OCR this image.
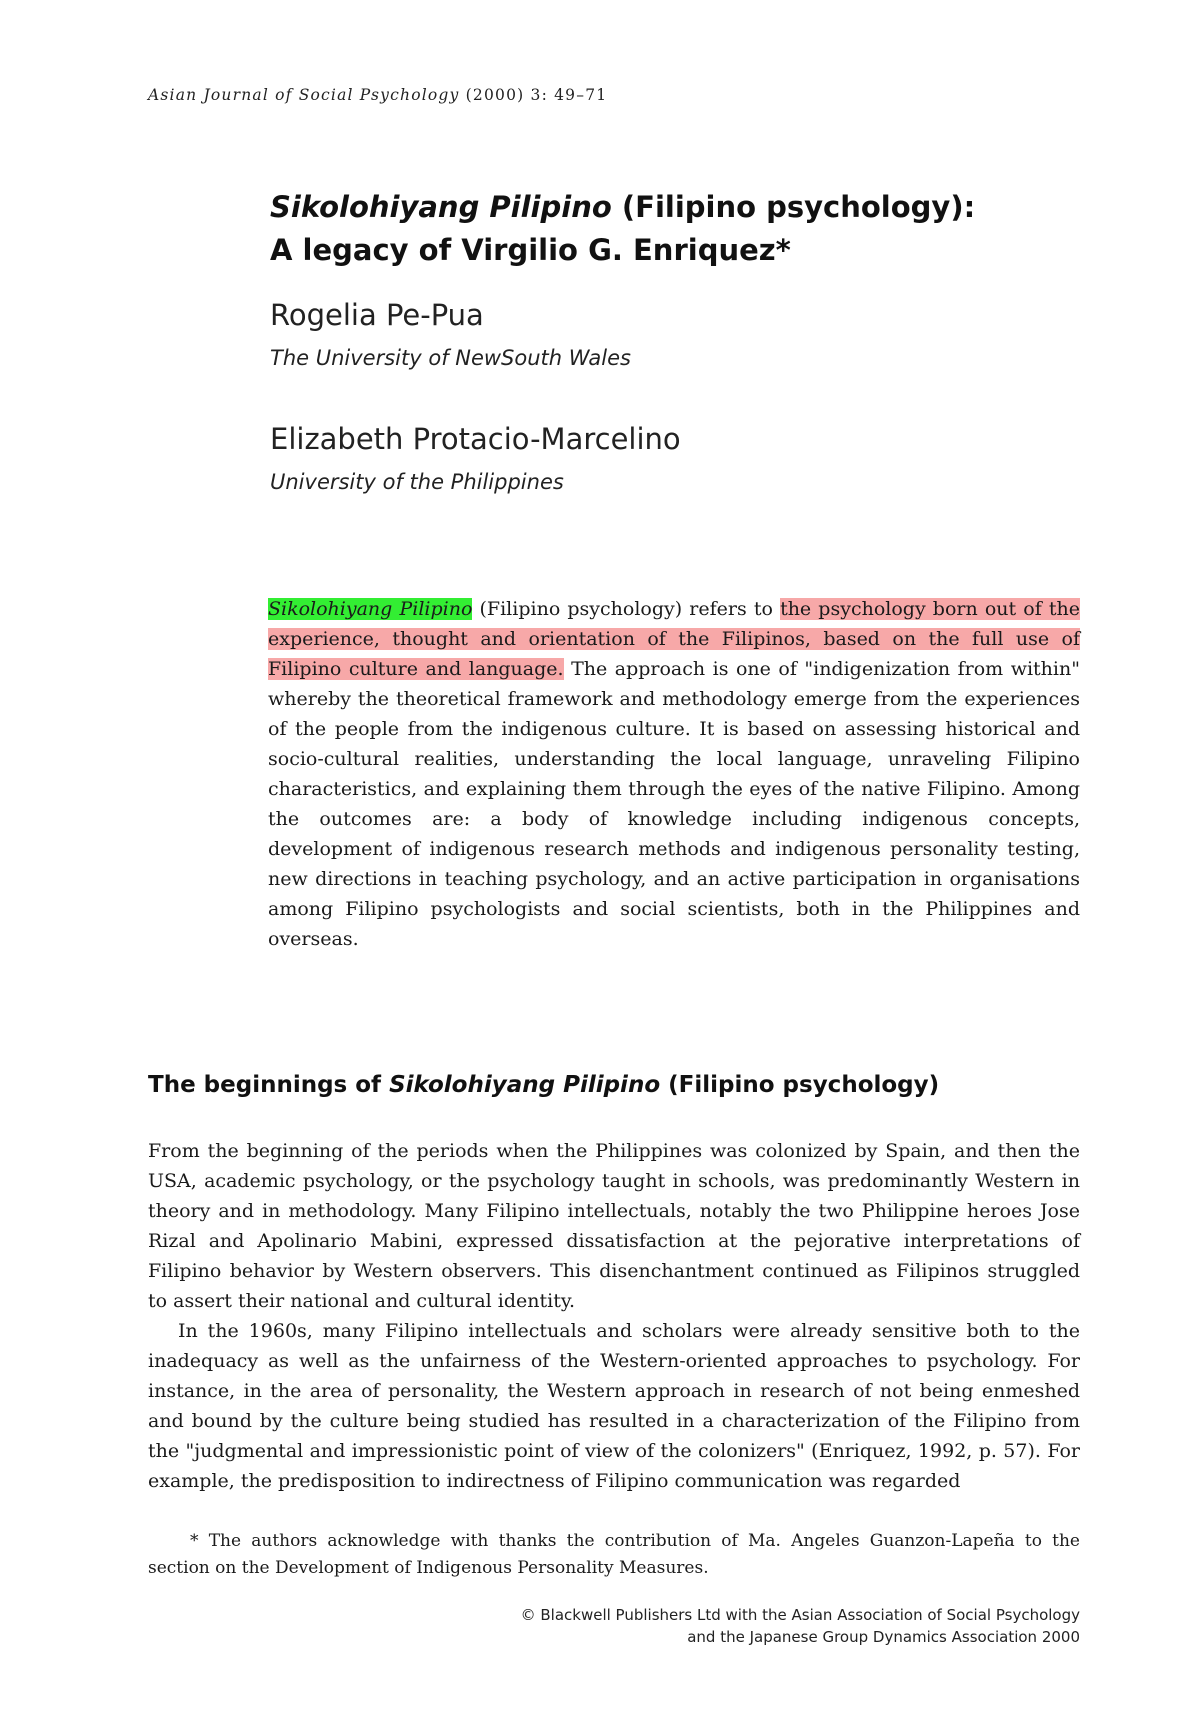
Asian Journal of Social Psychology (2000) 3: 49–71
Sikolohiyang Pilipino (Filipino psychology):
A legacy of Virgilio G. Enriquez*
Rogelia Pe-Pua
The University of NewSouth Wales
Elizabeth Protacio-Marcelino
University of the Philippines
Sikolohiyang Pilipino (Filipino psychology) refers to the psychology born out of the experience, thought and orientation of the Filipinos, based on the full use of Filipino culture and language. The approach is one of "indigenization from within" whereby the theoretical framework and methodology emerge from the experiences of the people from the indigenous culture. It is based on assessing historical and socio-cultural realities, understanding the local language, unraveling Filipino characteristics, and explaining them through the eyes of the native Filipino. Among the outcomes are: a body of knowledge including indigenous concepts, development of indigenous research methods and indigenous personality testing, new directions in teaching psychology, and an active participation in organisations among Filipino psychologists and social scientists, both in the Philippines and overseas.
The beginnings of Sikolohiyang Pilipino (Filipino psychology)

From the beginning of the periods when the Philippines was colonized by Spain, and then the USA, academic psychology, or the psychology taught in schools, was predominantly Western in theory and in methodology. Many Filipino intellectuals, notably the two Philippine heroes Jose Rizal and Apolinario Mabini, expressed dissatisfaction at the pejorative interpretations of Filipino behavior by Western observers. This disenchantment continued as Filipinos struggled to assert their national and cultural identity.

In the 1960s, many Filipino intellectuals and scholars were already sensitive both to the inadequacy as well as the unfairness of the Western-oriented approaches to psychology. For instance, in the area of personality, the Western approach in research of not being enmeshed and bound by the culture being studied has resulted in a characterization of the Filipino from the "judgmental and impressionistic point of view of the colonizers" (Enriquez, 1992, p. 57). For example, the predisposition to indirectness of Filipino communication was regarded

* The authors acknowledge with thanks the contribution of Ma. Angeles Guanzon-Lapeña to the section on the Development of Indigenous Personality Measures.
© Blackwell Publishers Ltd with the Asian Association of Social Psychology
and the Japanese Group Dynamics Association 2000
